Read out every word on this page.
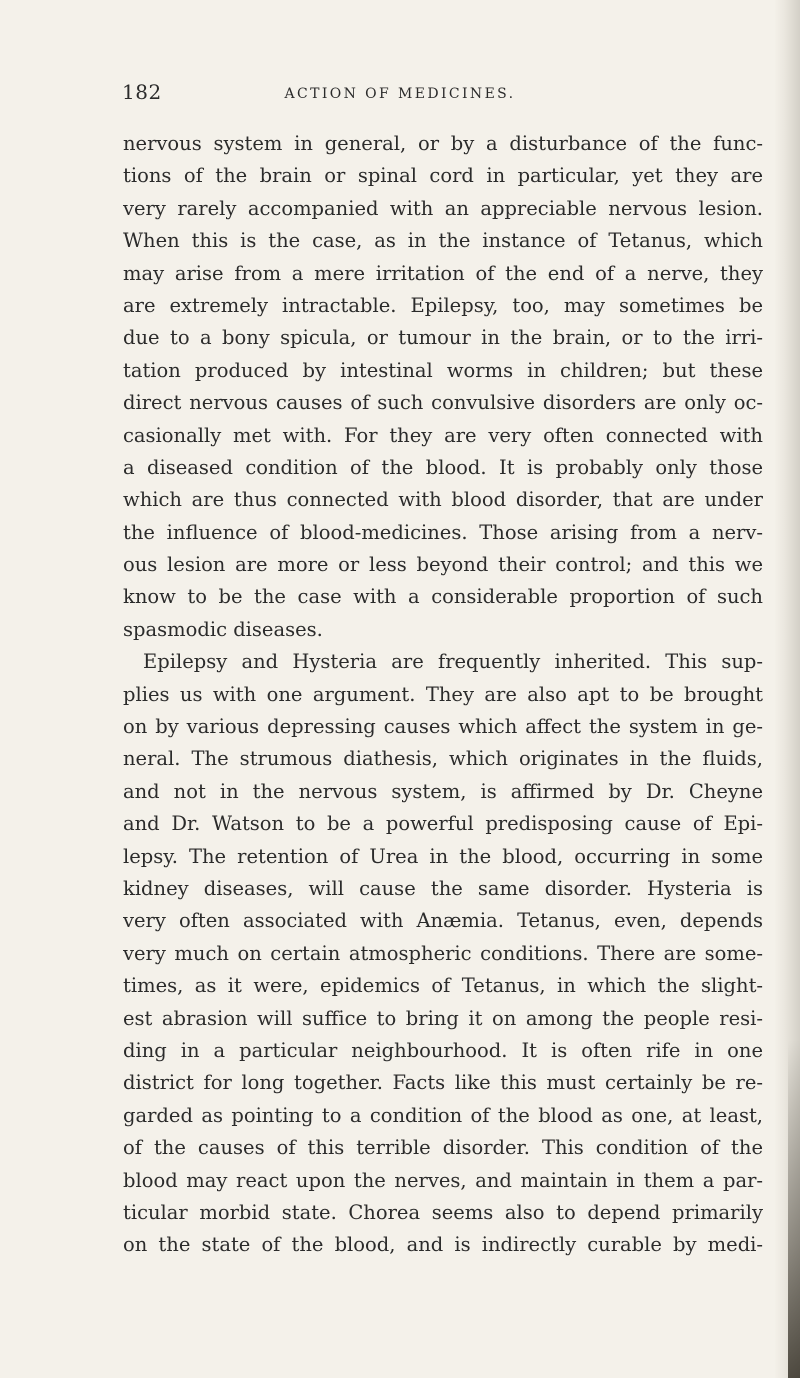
182	ACTION OF MEDICINES.
nervous system in general, or by a disturbance of the func-
tions of the brain or spinal cord in particular, yet they are
very rarely accompanied with an appreciable nervous lesion.
When this is the case, as in the instance of Tetanus, which
may arise from a mere irritation of the end of a nerve, they
are extremely intractable. Epilepsy, too, may sometimes be
due to a bony spicula, or tumour in the brain, or to the irri-
tation produced by intestinal worms in children; but these
direct nervous causes of such convulsive disorders are only oc-
casionally met with. For they are very often connected with
a diseased condition of the blood. It is probably only those
which are thus connected with blood disorder, that are under
the influence of blood-medicines. Those arising from a nerv-
ous lesion are more or less beyond their control; and this we
know to be the case with a considerable proportion of such
spasmodic diseases.
Epilepsy and Hysteria are frequently inherited. This sup-
plies us with one argument. They are also apt to be brought
on by various depressing causes which affect the system in ge-
neral. The strumous diathesis, which originates in the fluids,
and not in the nervous system, is affirmed by Dr. Cheyne
and Dr. Watson to be a powerful predisposing cause of Epi-
lepsy. The retention of Urea in the blood, occurring in some
kidney diseases, will cause the same disorder. Hysteria is
very often associated with Anæmia. Tetanus, even, depends
very much on certain atmospheric conditions. There are some-
times, as it were, epidemics of Tetanus, in which the slight-
est abrasion will suffice to bring it on among the people resi-
ding in a particular neighbourhood. It is often rife in one
district for long together. Facts like this must certainly be re-
garded as pointing to a condition of the blood as one, at least,
of the causes of this terrible disorder. This condition of the
blood may react upon the nerves, and maintain in them a par-
ticular morbid state. Chorea seems also to depend primarily
on the state of the blood, and is indirectly curable by medi-
